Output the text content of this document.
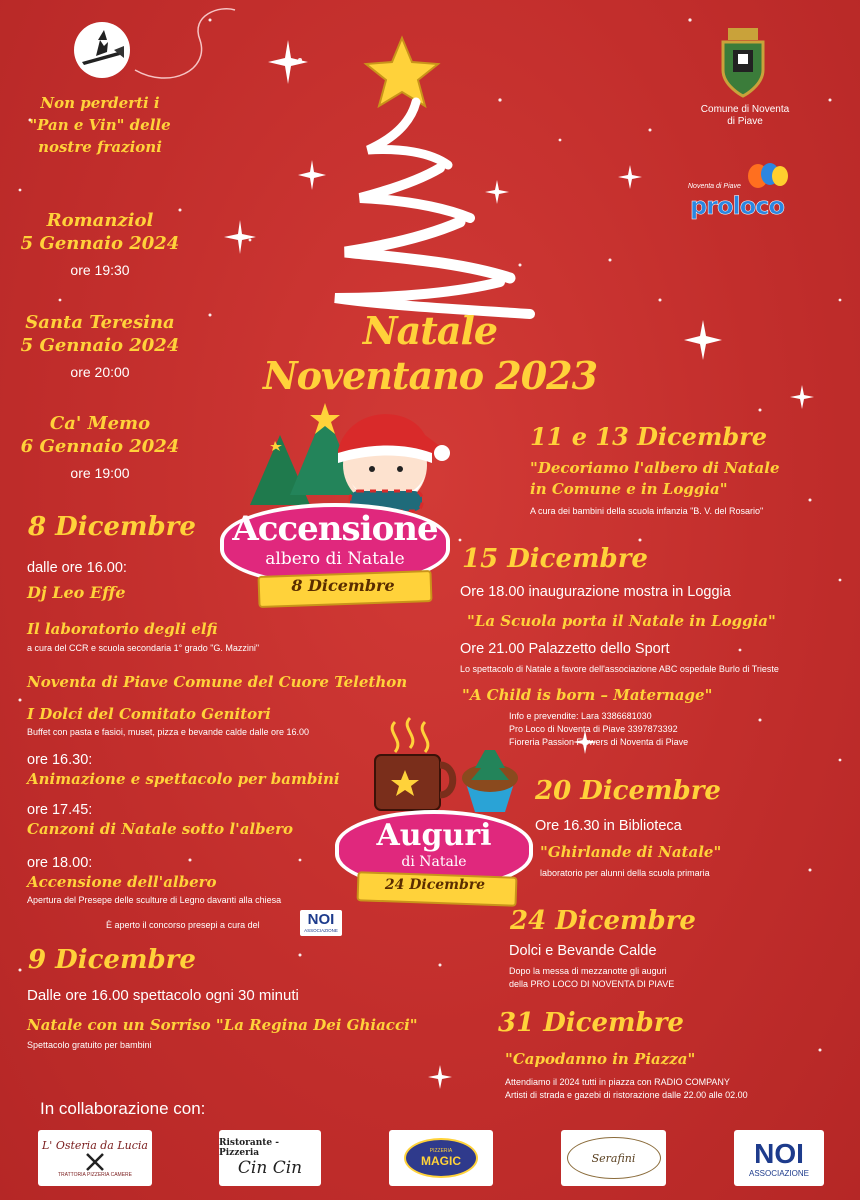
Non perderti i "Pan e Vin" delle nostre frazioni
Romanziol
5 Gennaio 2024
ore 19:30
Santa Teresina
5 Gennaio 2024
ore 20:00
Ca' Memo
6 Gennaio 2024
ore 19:00
Natale Noventano 2023
Comune di Noventa di Piave
Noventa di Piave
proloco
Accensione
albero di Natale
8 Dicembre
Auguri
di Natale
24 Dicembre
8 Dicembre
dalle ore 16.00:
Dj Leo Effe
Il laboratorio degli elfi
a cura del CCR e scuola secondaria 1° grado "G. Mazzini"
Noventa di Piave Comune del Cuore Telethon
I Dolci del Comitato Genitori
Buffet con pasta e fasioi, muset, pizza e bevande calde dalle ore 16.00
ore 16.30:
Animazione e spettacolo per bambini
ore 17.45:
Canzoni di Natale sotto l'albero
ore 18.00:
Accensione dell'albero
Apertura del Presepe delle sculture di Legno davanti alla chiesa
È aperto il concorso presepi a cura del	NOI
ASSOCIAZIONE
9 Dicembre
Dalle ore 16.00 spettacolo ogni 30 minuti
Natale con un Sorriso "La Regina Dei Ghiacci"
Spettacolo gratuito per bambini
11 e 13 Dicembre
"Decoriamo l'albero di Natale
in Comune e in Loggia"
A cura dei bambini della scuola infanzia "B. V. del Rosario"
15 Dicembre
Ore 18.00 inaugurazione mostra in Loggia
"La Scuola porta il Natale in Loggia"
Ore 21.00 Palazzetto dello Sport
Lo spettacolo di Natale a favore dell'associazione ABC ospedale Burlo di Trieste
"A Child is born – Maternage"
Info e prevendite: Lara 3386681030
Pro Loco di Noventa di Piave 3397873392
Fioreria Passion Flowers di Noventa di Piave
20 Dicembre
Ore 16.30 in Biblioteca
"Ghirlande di Natale"
laboratorio per alunni della scuola primaria
24 Dicembre
Dolci e Bevande Calde
Dopo la messa di mezzanotte gli auguri
della PRO LOCO DI NOVENTA DI PIAVE
31 Dicembre
"Capodanno in Piazza"
Attendiamo il 2024 tutti in piazza con RADIO COMPANY
Artisti di strada e gazebi di ristorazione dalle 22.00 alle 02.00
In collaborazione con:
L' Osteria da Lucia
TRATTORIA PIZZERIA CAMERE
Ristorante - Pizzeria
Cin Cin
PIZZERIA
MAGIC	Serafini	NOI
ASSOCIAZIONE
